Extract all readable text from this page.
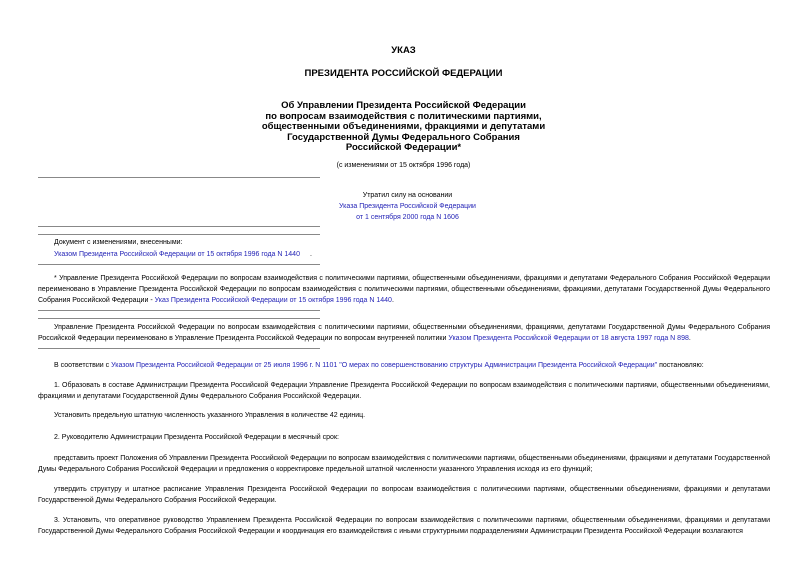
УКАЗ
ПРЕЗИДЕНТА РОССИЙСКОЙ ФЕДЕРАЦИИ
Об Управлении Президента Российской Федерации
по вопросам взаимодействия с политическими партиями,
общественными объединениями, фракциями и депутатами
Государственной Думы Федерального Собрания
Российской Федерации*
(с изменениями от 15 октября 1996 года)
Утратил силу на основании
Указа Президента Российской Федерации
от 1 сентября 2000 года N 1606
Документ с изменениями, внесенными:
Указом Президента Российской Федерации от 15 октября 1996 года N 1440 .
* Управление Президента Российской Федерации по вопросам взаимодействия с политическими партиями, общественными объединениями, фракциями и депутатами Федерального Собрания Российской Федерации переименовано в Управление Президента Российской Федерации по вопросам взаимодействия с политическими партиями, общественными объединениями, фракциями, депутатами Государственной Думы Федерального Собрания Российской Федерации - Указ Президента Российской Федерации от 15 октября 1996 года N 1440.
Управление Президента Российской Федерации по вопросам взаимодействия с политическими партиями, общественными объединениями, фракциями, депутатами Государственной Думы Федерального Собрания Российской Федерации переименовано в Управление Президента Российской Федерации по вопросам внутренней политики Указом Президента Российской Федерации от 18 августа 1997 года N 898.
В соответствии с Указом Президента Российской Федерации от 25 июля 1996 г. N 1101 "О мерах по совершенствованию структуры Администрации Президента Российской Федерации" постановляю:
1. Образовать в составе Администрации Президента Российской Федерации Управление Президента Российской Федерации по вопросам взаимодействия с политическими партиями, общественными объединениями, фракциями и депутатами Государственной Думы Федерального Собрания Российской Федерации.
Установить предельную штатную численность указанного Управления в количестве 42 единиц.
2. Руководителю Администрации Президента Российской Федерации в месячный срок:
представить проект Положения об Управлении Президента Российской Федерации по вопросам взаимодействия с политическими партиями, общественными объединениями, фракциями и депутатами Государственной Думы Федерального Собрания Российской Федерации и предложения о корректировке предельной штатной численности указанного Управления исходя из его функций;
утвердить структуру и штатное расписание Управления Президента Российской Федерации по вопросам взаимодействия с политическими партиями, общественными объединениями, фракциями и депутатами Государственной Думы Федерального Собрания Российской Федерации.
3. Установить, что оперативное руководство Управлением Президента Российской Федерации по вопросам взаимодействия с политическими партиями, общественными объединениями, фракциями и депутатами Государственной Думы Федерального Собрания Российской Федерации и координация его взаимодействия с иными структурными подразделениями Администрации Президента Российской Федерации возлагаются
